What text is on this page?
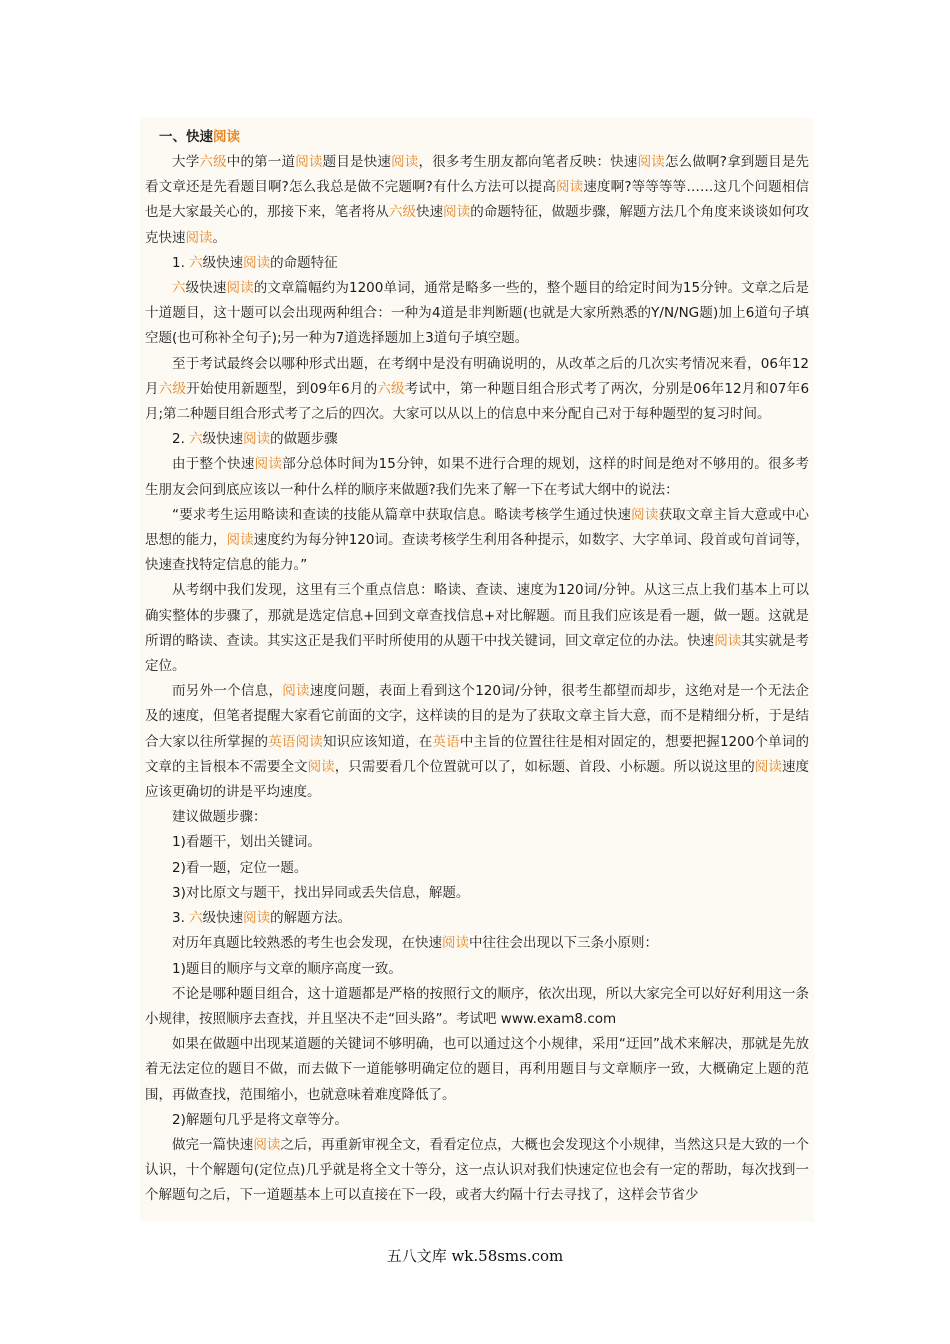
一、快速阅读

大学六级中的第一道阅读题目是快速阅读，很多考生朋友都向笔者反映：快速阅读怎么做啊?拿到题目是先看文章还是先看题目啊?怎么我总是做不完题啊?有什么方法可以提高阅读速度啊?等等等等……这几个问题相信也是大家最关心的，那接下来，笔者将从六级快速阅读的命题特征，做题步骤，解题方法几个角度来谈谈如何攻克快速阅读。

1. 六级快速阅读的命题特征

六级快速阅读的文章篇幅约为1200单词，通常是略多一些的，整个题目的给定时间为15分钟。文章之后是十道题目，这十题可以会出现两种组合：一种为4道是非判断题(也就是大家所熟悉的Y/N/NG题)加上6道句子填空题(也可称补全句子);另一种为7道选择题加上3道句子填空题。

至于考试最终会以哪种形式出题，在考纲中是没有明确说明的，从改革之后的几次实考情况来看，06年12月六级开始使用新题型，到09年6月的六级考试中，第一种题目组合形式考了两次，分别是06年12月和07年6月;第二种题目组合形式考了之后的四次。大家可以从以上的信息中来分配自己对于每种题型的复习时间。

2. 六级快速阅读的做题步骤

由于整个快速阅读部分总体时间为15分钟，如果不进行合理的规划，这样的时间是绝对不够用的。很多考生朋友会问到底应该以一种什么样的顺序来做题?我们先来了解一下在考试大纲中的说法：

“要求考生运用略读和查读的技能从篇章中获取信息。略读考核学生通过快速阅读获取文章主旨大意或中心思想的能力，阅读速度约为每分钟120词。查读考核学生利用各种提示，如数字、大字单词、段首或句首词等，快速查找特定信息的能力。”

从考纲中我们发现，这里有三个重点信息：略读、查读、速度为120词/分钟。从这三点上我们基本上可以确实整体的步骤了，那就是选定信息+回到文章查找信息+对比解题。而且我们应该是看一题，做一题。这就是所谓的略读、查读。其实这正是我们平时所使用的从题干中找关键词，回文章定位的办法。快速阅读其实就是考定位。

而另外一个信息，阅读速度问题，表面上看到这个120词/分钟，很考生都望而却步，这绝对是一个无法企及的速度，但笔者提醒大家看它前面的文字，这样读的目的是为了获取文章主旨大意，而不是精细分析，于是结合大家以往所掌握的英语阅读知识应该知道，在英语中主旨的位置往往是相对固定的，想要把握1200个单词的文章的主旨根本不需要全文阅读，只需要看几个位置就可以了，如标题、首段、小标题。所以说这里的阅读速度应该更确切的讲是平均速度。

建议做题步骤：

1)看题干，划出关键词。

2)看一题，定位一题。

3)对比原文与题干，找出异同或丢失信息，解题。

3. 六级快速阅读的解题方法。

对历年真题比较熟悉的考生也会发现，在快速阅读中往往会出现以下三条小原则：

1)题目的顺序与文章的顺序高度一致。

不论是哪种题目组合，这十道题都是严格的按照行文的顺序，依次出现，所以大家完全可以好好利用这一条小规律，按照顺序去查找，并且坚决不走“回头路”。考试吧 www.exam8.com

如果在做题中出现某道题的关键词不够明确，也可以通过这个小规律，采用“迂回”战术来解决，那就是先放着无法定位的题目不做，而去做下一道能够明确定位的题目，再利用题目与文章顺序一致，大概确定上题的范围，再做查找，范围缩小，也就意味着难度降低了。

2)解题句几乎是将文章等分。

做完一篇快速阅读之后，再重新审视全文，看看定位点，大概也会发现这个小规律，当然这只是大致的一个认识，十个解题句(定位点)几乎就是将全文十等分，这一点认识对我们快速定位也会有一定的帮助，每次找到一个解题句之后，下一道题基本上可以直接在下一段，或者大约隔十行去寻找了，这样会节省少

五八文库 wk.58sms.com
